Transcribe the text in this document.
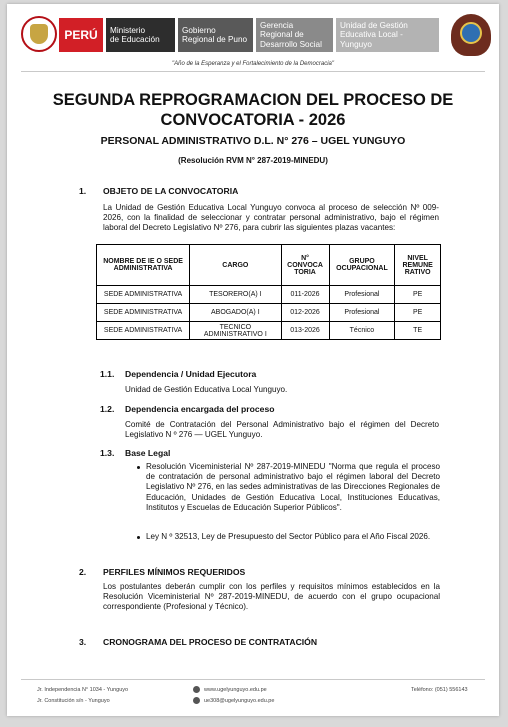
PERÚ	Ministerio
de Educación
Gobierno
Regional de Puno
Gerencia
Regional de
Desarrollo Social
Unidad de Gestión
Educativa Local - Yunguyo
"Año de la Esperanza y el Fortalecimiento de la Democracia"
SEGUNDA REPROGRAMACION DEL PROCESO DE CONVOCATORIA - 2026
PERSONAL ADMINISTRATIVO D.L. N° 276 – UGEL YUNGUYO
(Resolución RVM N° 287-2019-MINEDU)
1. OBJETO DE LA CONVOCATORIA
La Unidad de Gestión Educativa Local Yunguyo convoca al proceso de selección Nº 009-2026, con la finalidad de seleccionar y contratar personal administrativo, bajo el régimen laboral del Decreto Legislativo Nº 276, para cubrir las siguientes plazas vacantes:
NOMBRE DE IE O SEDE ADMINISTRATIVA	CARGO	N° CONVOCA TORIA	GRUPO OCUPACIONAL	NIVEL REMUNE RATIVO
SEDE ADMINISTRATIVA	TESORERO(A) I	011-2026	Profesional	PE
SEDE ADMINISTRATIVA	ABOGADO(A) I	012-2026	Profesional	PE
SEDE ADMINISTRATIVA	TECNICO ADMINISTRATIVO I	013-2026	Técnico	TE
1.1. Dependencia / Unidad Ejecutora
Unidad de Gestión Educativa Local Yunguyo.
1.2. Dependencia encargada del proceso
Comité de Contratación del Personal Administrativo bajo el régimen del Decreto Legislativo N º 276 — UGEL Yunguyo.
1.3. Base Legal
Resolución Viceministerial Nº 287-2019-MINEDU "Norma que regula el proceso de contratación de personal administrativo bajo el régimen laboral del Decreto Legislativo Nº 276, en las sedes administrativas de las Direcciones Regionales de Educación, Unidades de Gestión Educativa Local, Instituciones Educativas, Institutos y Escuelas de Educación Superior Públicos".
Ley N º 32513, Ley de Presupuesto del Sector Público para el Año Fiscal 2026.
2. PERFILES MÍNIMOS REQUERIDOS
Los postulantes deberán cumplir con los perfiles y requisitos mínimos establecidos en la Resolución Viceministerial Nº 287-2019-MINEDU, de acuerdo con el grupo ocupacional correspondiente (Profesional y Técnico).
3. CRONOGRAMA DEL PROCESO DE CONTRATACIÓN
Jr. Independencia N° 1034 - Yunguyo
Jr. Constitución s/n - Yunguyo
www.ugelyunguyo.edu.pe
ue308@ugelyunguyo.edu.pe
Teléfono: (051) 556143
